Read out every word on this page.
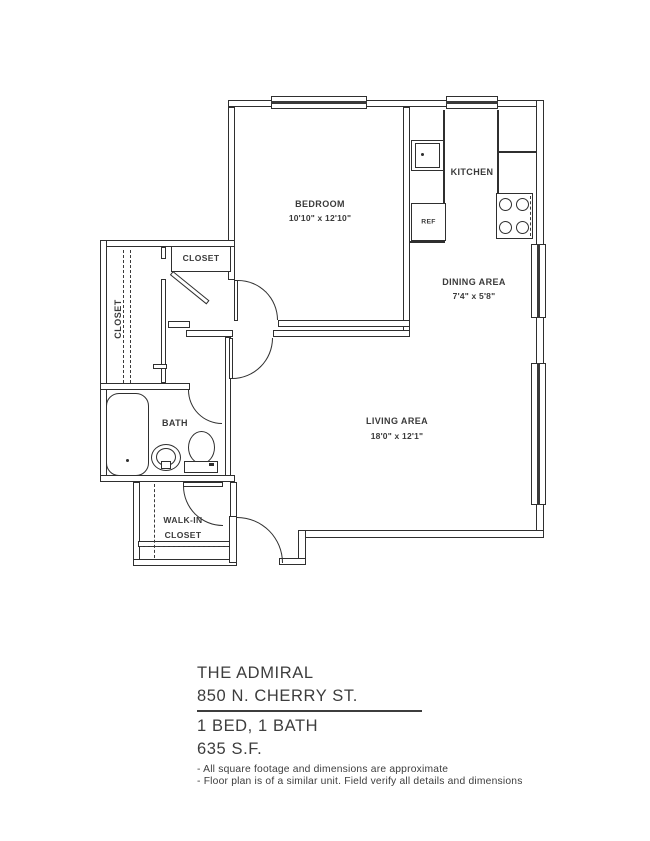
BEDROOM
10'10" x 12'10"
KITCHEN
DINING AREA
7'4" x 5'8"
LIVING AREA
18'0" x 12'1"
BATH
CLOSET
CLOSET
WALK-IN
CLOSET
REF
THE ADMIRAL
850 N. CHERRY ST.
1 BED, 1 BATH
635 S.F.
- All square footage and dimensions are approximate
- Floor plan is of a similar unit. Field verify all details and dimensions
